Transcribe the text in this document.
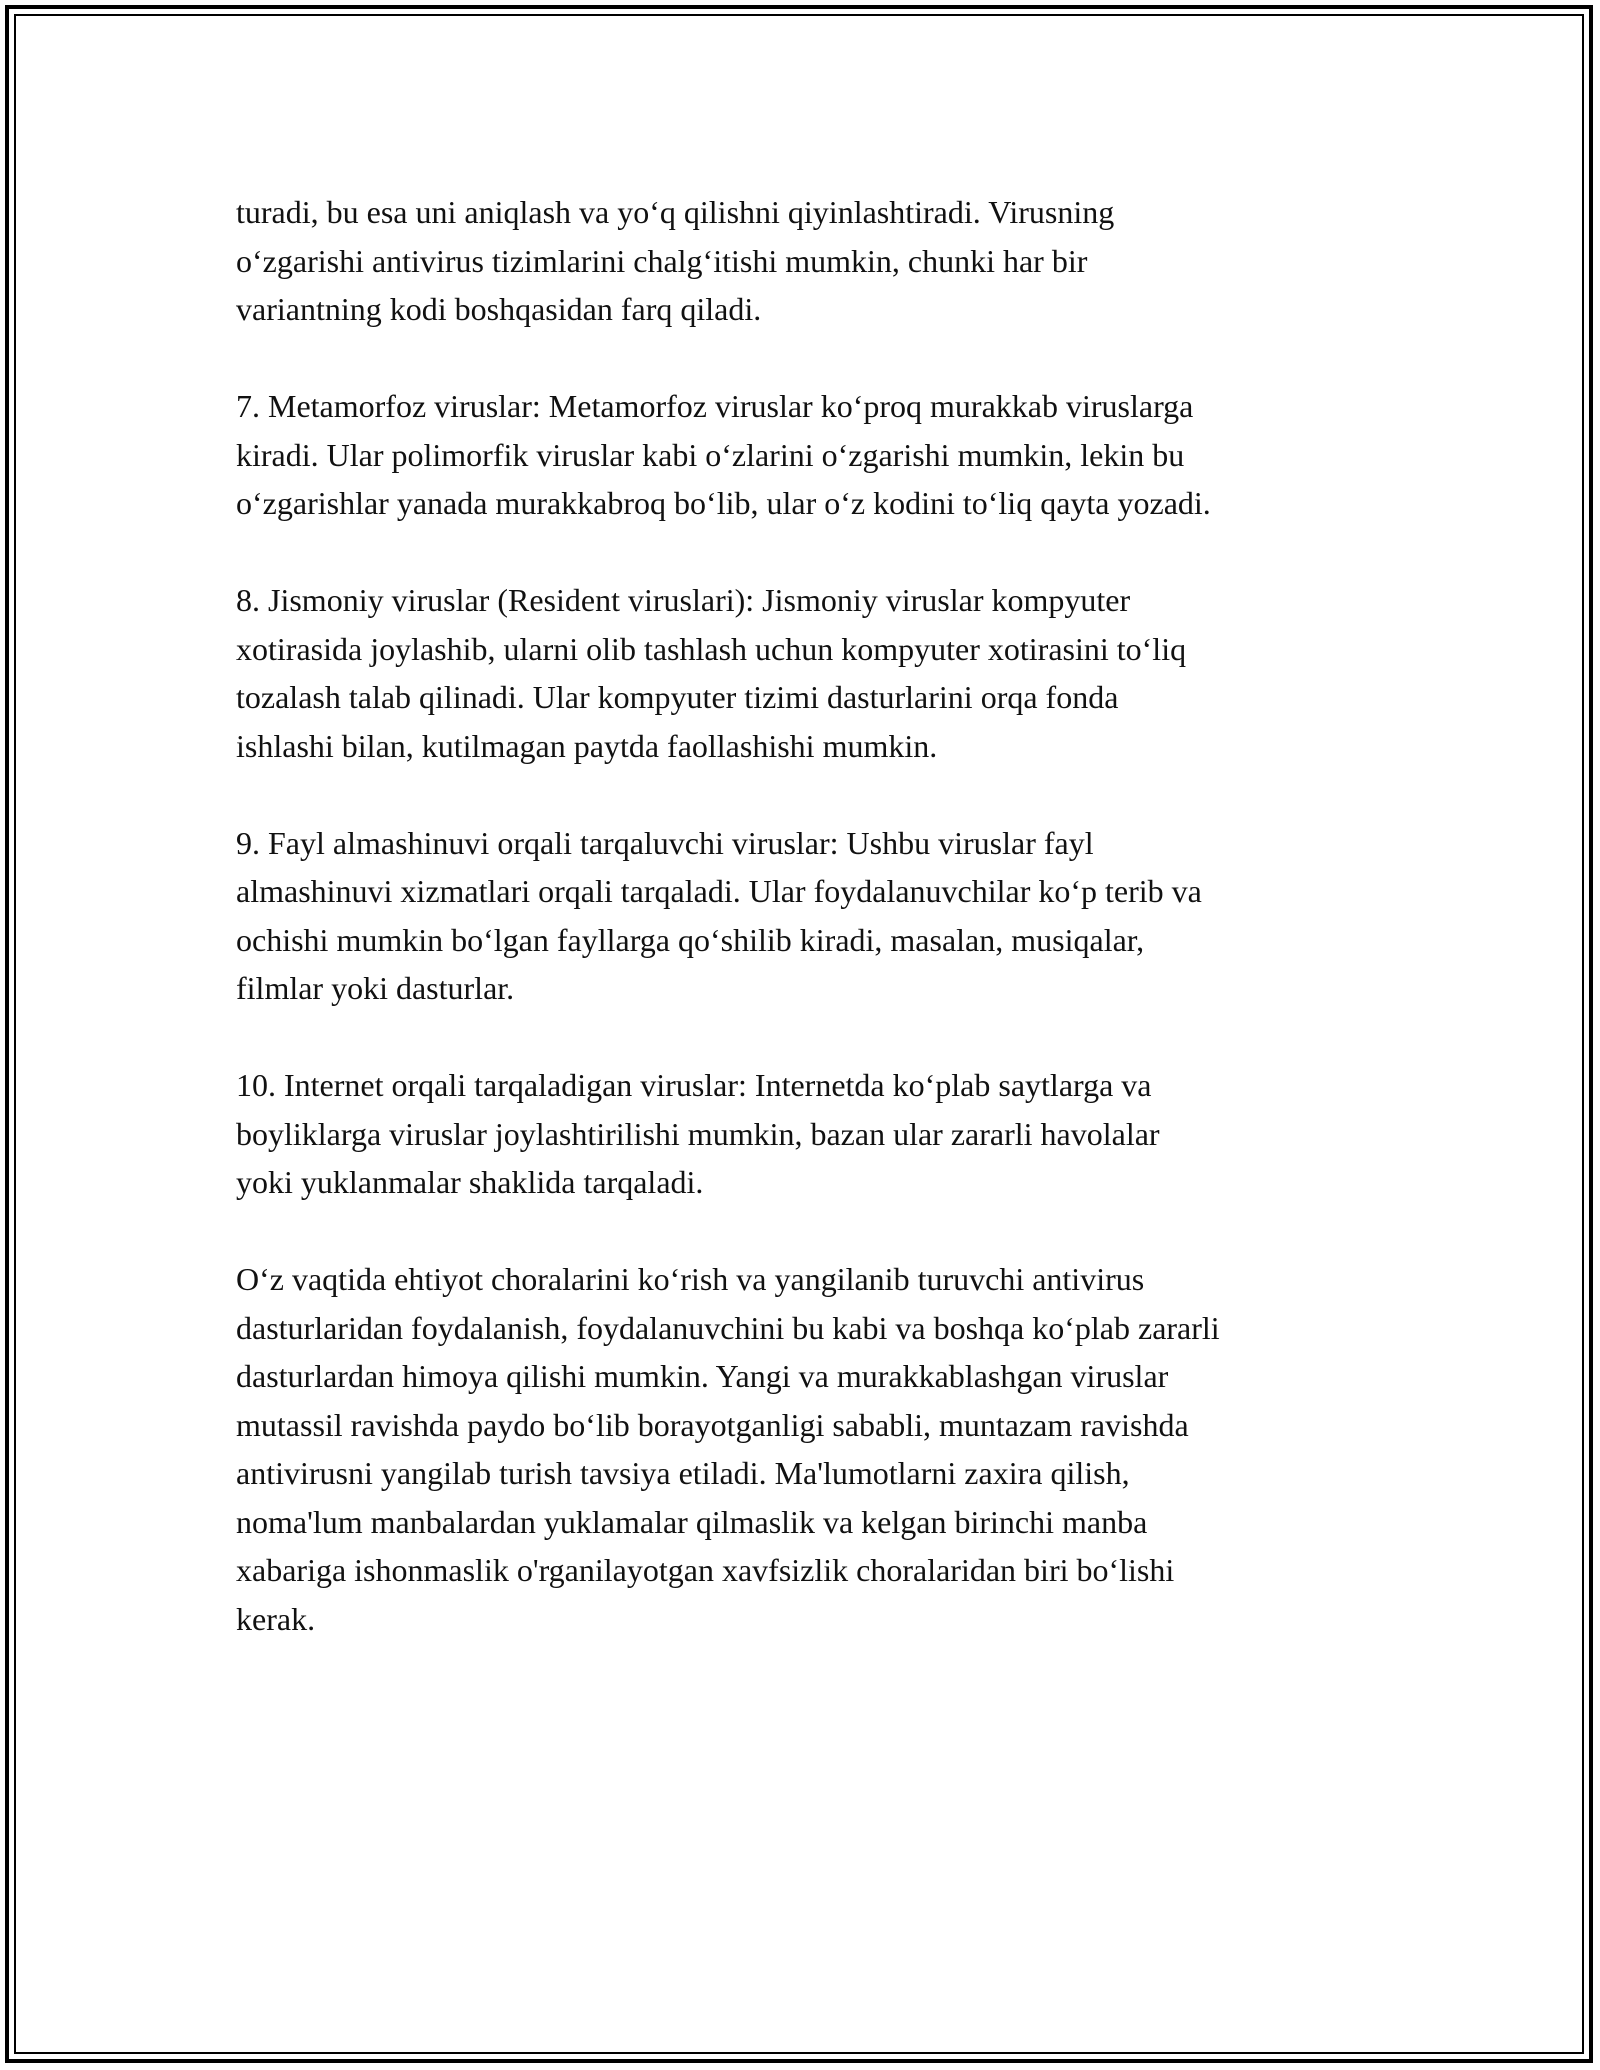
turadi, bu esa uni aniqlash va yo‘q qilishni qiyinlashtiradi. Virusning
o‘zgarishi antivirus tizimlarini chalg‘itishi mumkin, chunki har bir
variantning kodi boshqasidan farq qiladi.

7. Metamorfoz viruslar: Metamorfoz viruslar ko‘proq murakkab viruslarga
kiradi. Ular polimorfik viruslar kabi o‘zlarini o‘zgarishi mumkin, lekin bu
o‘zgarishlar yanada murakkabroq bo‘lib, ular o‘z kodini to‘liq qayta yozadi.

8. Jismoniy viruslar (Resident viruslari): Jismoniy viruslar kompyuter
xotirasida joylashib, ularni olib tashlash uchun kompyuter xotirasini to‘liq
tozalash talab qilinadi. Ular kompyuter tizimi dasturlarini orqa fonda
ishlashi bilan, kutilmagan paytda faollashishi mumkin.

9. Fayl almashinuvi orqali tarqaluvchi viruslar: Ushbu viruslar fayl
almashinuvi xizmatlari orqali tarqaladi. Ular foydalanuvchilar ko‘p terib va
ochishi mumkin bo‘lgan fayllarga qo‘shilib kiradi, masalan, musiqalar,
filmlar yoki dasturlar.

10. Internet orqali tarqaladigan viruslar: Internetda ko‘plab saytlarga va
boyliklarga viruslar joylashtirilishi mumkin, bazan ular zararli havolalar
yoki yuklanmalar shaklida tarqaladi.

O‘z vaqtida ehtiyot choralarini ko‘rish va yangilanib turuvchi antivirus
dasturlaridan foydalanish, foydalanuvchini bu kabi va boshqa ko‘plab zararli
dasturlardan himoya qilishi mumkin. Yangi va murakkablashgan viruslar
mutassil ravishda paydo bo‘lib borayotganligi sababli, muntazam ravishda
antivirusni yangilab turish tavsiya etiladi. Ma'lumotlarni zaxira qilish,
noma'lum manbalardan yuklamalar qilmaslik va kelgan birinchi manba
xabariga ishonmaslik o'rganilayotgan xavfsizlik choralaridan biri bo‘lishi
kerak.
